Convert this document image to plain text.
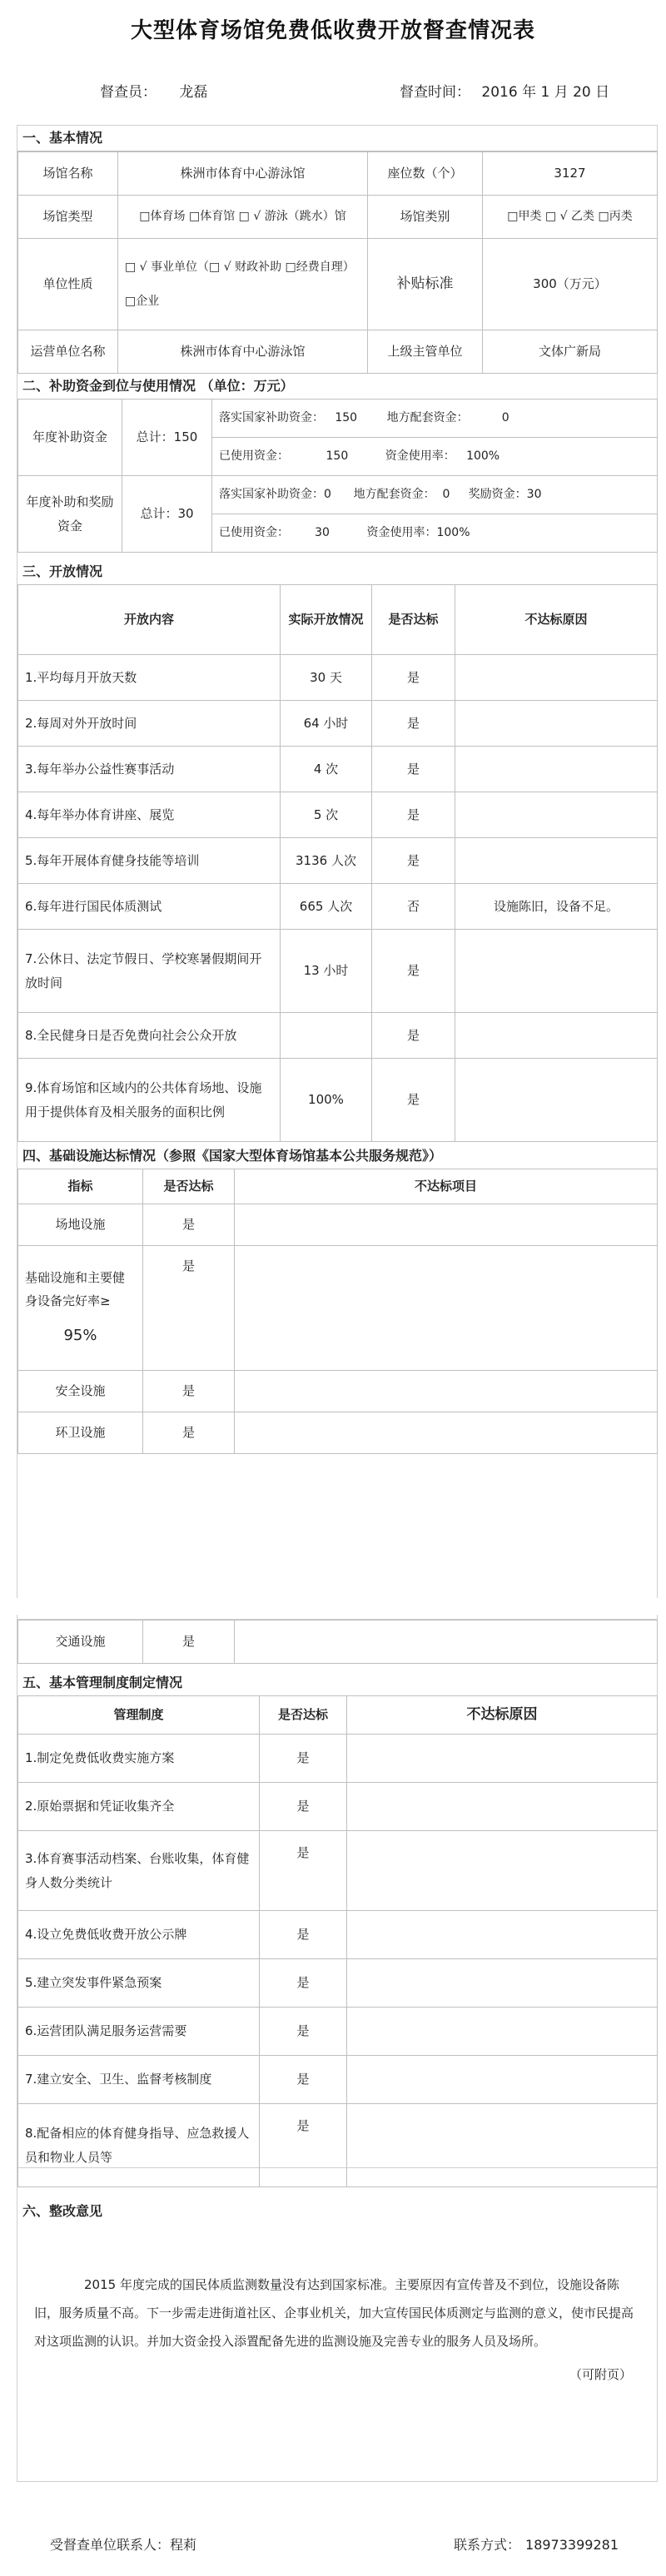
大型体育场馆免费低收费开放督查情况表
督查员： 龙磊	督查时间： 2016 年 1 月 20 日
一、基本情况
场馆名称	株洲市体育中心游泳馆	座位数（个）	3127
场馆类型	□体育场 □体育馆 □ √ 游泳（跳水）馆	场馆类别	□甲类 □ √ 乙类 □丙类
单位性质	□ √ 事业单位（□ √ 财政补助 □经费自理）
□企业	补贴标准	300（万元）
运营单位名称	株洲市体育中心游泳馆	上级主管单位	文体广新局
二、补助资金到位与使用情况 （单位：万元）
年度补助资金	总计：150	落实国家补助资金：   150        地方配套资金：         0
		已使用资金：          150          资金使用率：   100%
年度补助和奖励资金	总计：30	落实国家补助资金：0      地方配套资金：  0     奖励资金：30
		已使用资金：       30          资金使用率：100%
三、开放情况
开放内容	实际开放情况	是否达标	不达标原因
1.平均每月开放天数	30 天	是	
2.每周对外开放时间	64 小时	是	
3.每年举办公益性赛事活动	4 次	是	
4.每年举办体育讲座、展览	5 次	是	
5.每年开展体育健身技能等培训	3136 人次	是	
6.每年进行国民体质测试	665 人次	否	设施陈旧，设备不足。
7.公休日、法定节假日、学校寒暑假期间开放时间	13 小时	是	
8.全民健身日是否免费向社会公众开放		是	
9.体育场馆和区域内的公共体育场地、设施用于提供体育及相关服务的面积比例	100%	是	
四、基础设施达标情况（参照《国家大型体育场馆基本公共服务规范》）
指标	是否达标	不达标项目
场地设施	是	

基础设施和主要健身设备完好率≥
95%	是	
安全设施	是	
环卫设施	是	
交通设施	是	
五、基本管理制度制定情况
管理制度	是否达标	不达标原因
1.制定免费低收费实施方案	是	
2.原始票据和凭证收集齐全	是	
3.体育赛事活动档案、台账收集，体育健身人数分类统计	是	
4.设立免费低收费开放公示牌	是	
5.建立突发事件紧急预案	是	
6.运营团队满足服务运营需要	是	
7.建立安全、卫生、监督考核制度	是	
8.配备相应的体育健身指导、应急救援人员和物业人员等	是	
六、整改意见
2015 年度完成的国民体质监测数量没有达到国家标准。主要原因有宣传普及不到位，设施设备陈旧，服务质量不高。下一步需走进街道社区、企事业机关，加大宣传国民体质测定与监测的意义，使市民提高对这项监测的认识。并加大资金投入添置配备先进的监测设施及完善专业的服务人员及场所。
（可附页）
受督查单位联系人：程莉	联系方式： 18973399281
